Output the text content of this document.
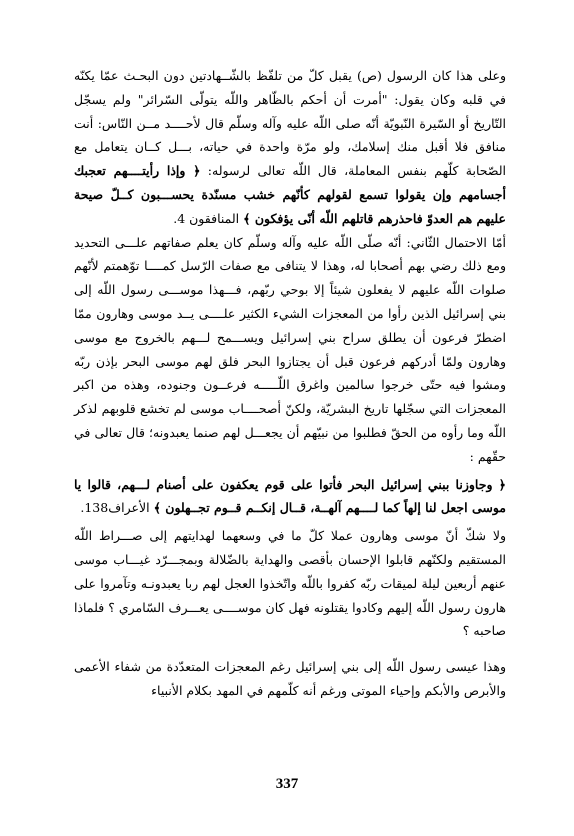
وعلى هذا كان الرسول (ص) يقبل كلّ من تلفّظ بالشّــهادتين دون البحـث عمّا يكنّه في قلبه وكان يقول: "أمرت أن أحكم بالظّاهر واللّه يتولّى السّرائر" ولم يسجّل التّاريخ أو السّيرة النّبويّة أنّه صلى اللّه عليه وآله وسلّم قال لأحــــد مــن النّاس: أنت منافق فلا أقبل منك إسلامك، ولو مرّة واحدة في حياته، بـــل كــان يتعامل مع الصّحابة كلّهم بنفس المعاملة، قال اللّه تعالى لرسوله: ﴿ وإذا رأيتــــهم تعجبك أجسامهم وإن يقولوا تسمع لقولهم كأنّهم خشب مسنّدة يحســـبون كــلّ صيحة عليهم هم العدوّ فاحذرهم قاتلهم اللّه أنّى يؤفكون ﴾ المنافقون 4.

أمّا الاحتمال الثّاني: أنّه صلّى اللّه عليه وآله وسلّم كان يعلم صفاتهم علـــى التحديد ومع ذلك رضي بهم أصحابا له، وهذا لا يتنافى مع صفات الرّسل كمــــا توّهمتم لأنّهم صلوات اللّه عليهم لا يفعلون شيئاً إلا بوحي ربّهم، فـــهذا موســـى رسول اللّه إلى بني إسرائيل الذين رأوا من المعجزات الشيء الكثير علــــى يــد موسى وهارون ممّا اضطرّ فرعون أن يطلق سراح بني إسرائيل ويســـمح لـــهم بالخروج مع موسى وهارون ولمّا أدركهم فرعون قبل أن يجتازوا البحر فلق لهم موسى البحر بإذن ربّه ومشوا فيه حتّى خرجوا سالمين واغرق اللّـــــه فرعــون وجنوده، وهذه من اكبر المعجزات التي سجّلها تاريخ البشريّة، ولكنّ أصحــــاب موسى لم تخشع قلوبهم لذكر اللّه وما رأوه من الحقّ فطلبوا من نبيّهم أن يجعـــل لهم صنما يعبدونه؛ قال تعالى في حقّهم :

﴿ وجاوزنا ببني إسرائيل البحر فأتوا على قوم يعكفون على أصنام لـــهم، قالوا يا موسى اجعل لنا إلهاً كما لــــهم آلهــة، قــال إنكــم قــوم تجــهلون ﴾ الأعراف138.

ولا شكّ أنّ موسى وهارون عملا كلّ ما في وسعهما لهدايتهم إلى صـــراط اللّه المستقيم ولكنّهم قابلوا الإحسان بأقصى والهداية بالضّلالة وبمجـــرّد غيـــاب موسى عنهم أربعين ليلة لميقات ربّه كفروا باللّه واتّخذوا العجل لهم ربا يعبدونـه وتآمروا على هارون رسول اللّه إليهم وكادوا يقتلونه فهل كان موســــى يعـــرف السّامري ؟ فلماذا صاحبه ؟

وهذا عيسى رسول اللّه إلى بني إسرائيل رغم المعجزات المتعدّدة من شفاء الأعمى والأبرص والأبكم وإحياء الموتى ورغم أنه كلّمهم في المهد بكلام الأنبياء

337
